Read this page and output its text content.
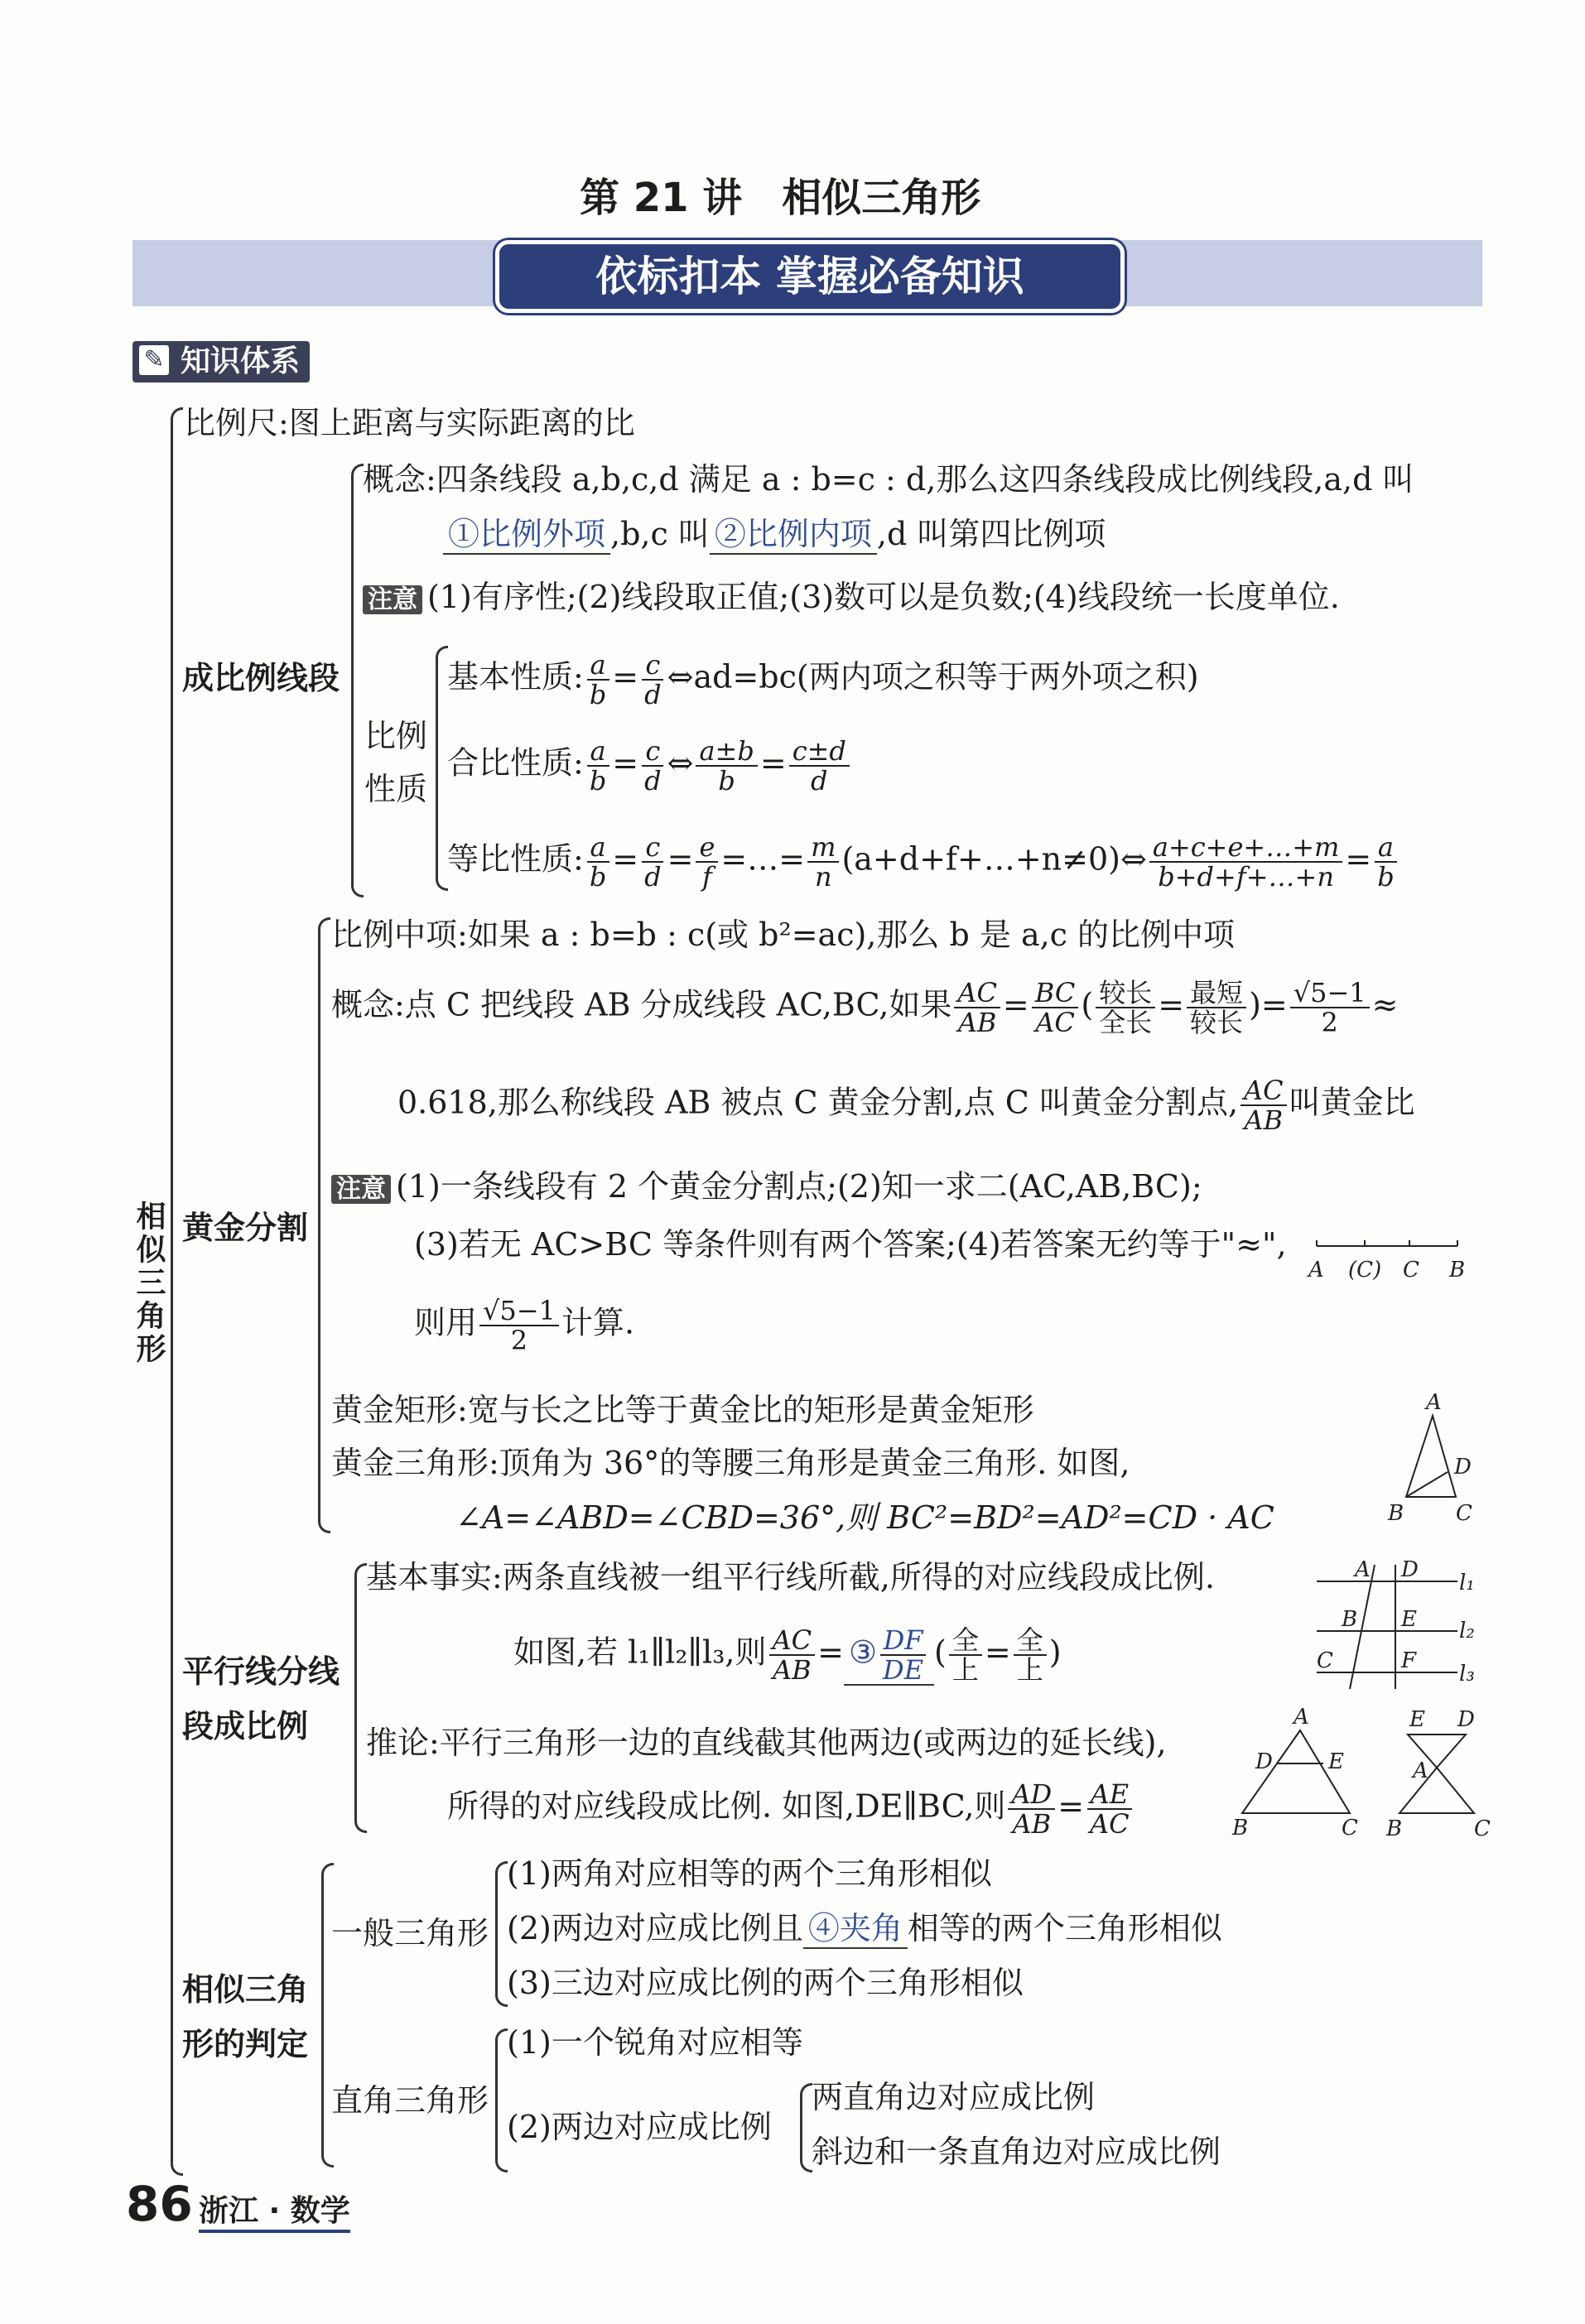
第 21 讲　相似三角形
依标扣本 掌握必备知识
✎ 知识体系
相似三角形
比例尺:图上距离与实际距离的比
成比例线段
概念:四条线段 a,b,c,d 满足 a : b=c : d,那么这四条线段成比例线段,a,d 叫
①比例外项 ,b,c 叫 ②比例内项 ,d 叫第四比例项
注意 (1)有序性;(2)线段取正值;(3)数可以是负数;(4)线段统一长度单位.
比例
性质
基本性质: $\frac{a}{b} = \frac{c}{d}$ ⇔ad=bc(两内项之积等于两外项之积)
合比性质: $\frac{a}{b} = \frac{c}{d}$ ⇔ $\frac{a\pm b}{b} = \frac{c\pm d}{d}$
等比性质: $\frac{a}{b} = \frac{c}{d} = \frac{e}{f}$ =…= $\frac{m}{n}$ (a+d+f+…+n≠0)⇔ $\frac{a+c+e+\dots+m}{b+d+f+\dots+n} = \frac{a}{b}$
黄金分割
比例中项:如果 a : b=b : c(或 b²=ac),那么 b 是 a,c 的比例中项
概念:点 C 把线段 AB 分成线段 AC,BC,如果 $\frac{AC}{AB} = \frac{BC}{AC}$ ( $\frac{\text{较长}}{\text{全长}} = \frac{\text{最短}}{\text{较长}}$ )= $\frac{√5-1}{2}$ ≈
0.618,那么称线段 AB 被点 C 黄金分割,点 C 叫黄金分割点, $\frac{AC}{AB}$ 叫黄金比
注意 (1)一条线段有 2 个黄金分割点;(2)知一求二(AC,AB,BC);
(3)若无 AC>BC 等条件则有两个答案;(4)若答案无约等于"≈",
则用 $\frac{√5-1}{2}$ 计算.
A (C) C B
黄金矩形:宽与长之比等于黄金比的矩形是黄金矩形
黄金三角形:顶角为 36°的等腰三角形是黄金三角形. 如图,
∠A=∠ABD=∠CBD=36°,则 BC²=BD²=AD²=CD · AC
A
D
B C
平行线分线
段成比例
基本事实:两条直线被一组平行线所截,所得的对应线段成比例.
如图,若 l₁∥l₂∥l₃,则 $\frac{AC}{AB}$ = ③ $\frac{DF}{DE}$ ( $\frac{\text{全}}{\text{上}} = \frac{\text{全}}{\text{上}}$ )
推论:平行三角形一边的直线截其他两边(或两边的延长线),
所得的对应线段成比例. 如图,DE∥BC,则 $\frac{AD}{AB} = \frac{AE}{AC}$
A D
B E
C	F
l₁
l₂
l₃
A
D	E
B	C
E D
A
B	C
相似三角
形的判定
一般三角形
(1)两角对应相等的两个三角形相似
(2)两边对应成比例且 ④夹角 相等的两个三角形相似
(3)三边对应成比例的两个三角形相似
直角三角形
(1)一个锐角对应相等
(2)两边对应成比例
两直角边对应成比例
斜边和一条直角边对应成比例
86 浙江 · 数学
